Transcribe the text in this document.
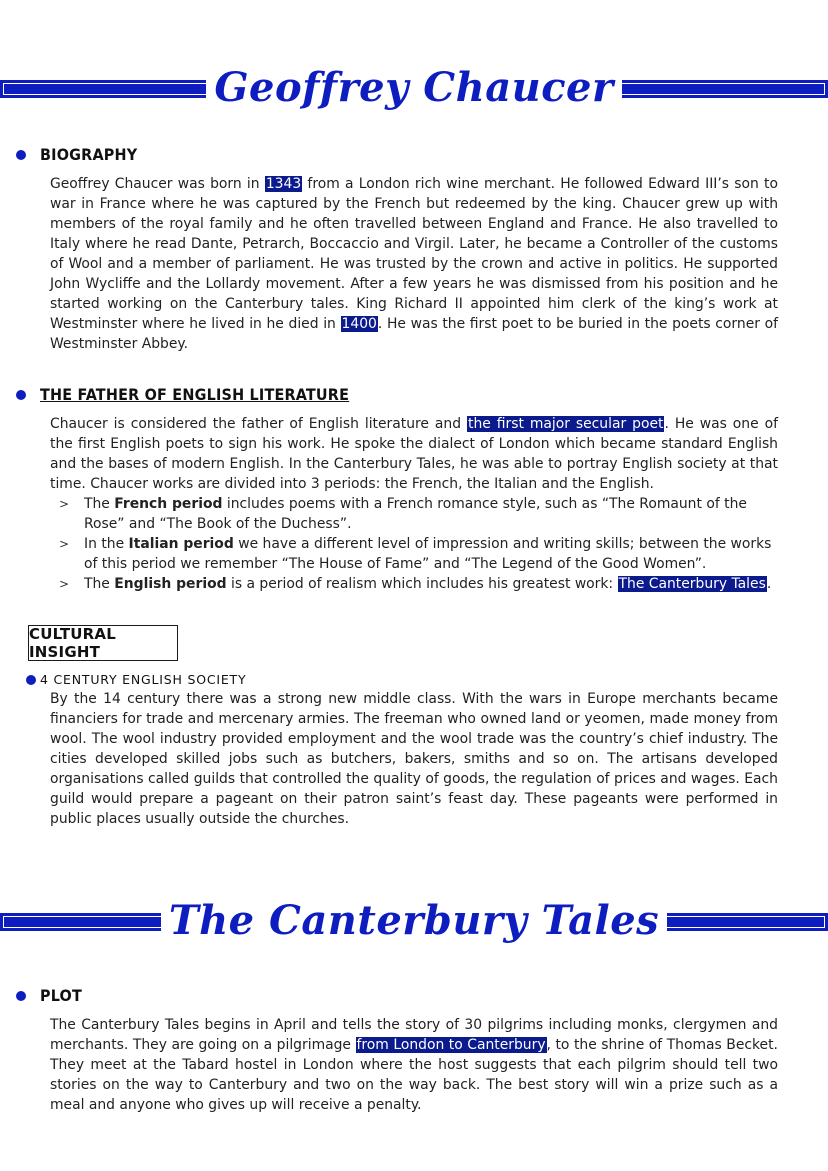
Geoffrey Chaucer
BIOGRAPHY
Geoffrey Chaucer was born in 1343 from a London rich wine merchant. He followed Edward III’s son to war in France where he was captured by the French but redeemed by the king. Chaucer grew up with members of the royal family and he often travelled between England and France. He also travelled to Italy where he read Dante, Petrarch, Boccaccio and Virgil. Later, he became a Controller of the customs of Wool and a member of parliament. He was trusted by the crown and active in politics. He supported John Wycliffe and the Lollardy movement. After a few years he was dismissed from his position and he started working on the Canterbury tales. King Richard II appointed him clerk of the king’s work at Westminster where he lived in he died in 1400. He was the first poet to be buried in the poets corner of Westminster Abbey.
THE FATHER OF ENGLISH LITERATURE
Chaucer is considered the father of English literature and the first major secular poet. He was one of the first English poets to sign his work. He spoke the dialect of London which became standard English and the bases of modern English. In the Canterbury Tales, he was able to portray English society at that time. Chaucer works are divided into 3 periods: the French, the Italian and the English.
> The French period includes poems with a French romance style, such as “The Romaunt of the Rose” and “The Book of the Duchess”.
> In the Italian period we have a different level of impression and writing skills; between the works of this period we remember “The House of Fame” and “The Legend of the Good Women”.
> The English period is a period of realism which includes his greatest work: The Canterbury Tales.
CULTURAL INSIGHT
4 CENTURY ENGLISH SOCIETY
By the 14 century there was a strong new middle class. With the wars in Europe merchants became financiers for trade and mercenary armies. The freeman who owned land or yeomen, made money from wool. The wool industry provided employment and the wool trade was the country’s chief industry. The cities developed skilled jobs such as butchers, bakers, smiths and so on. The artisans developed organisations called guilds that controlled the quality of goods, the regulation of prices and wages. Each guild would prepare a pageant on their patron saint’s feast day. These pageants were performed in public places usually outside the churches.
The Canterbury Tales
PLOT
The Canterbury Tales begins in April and tells the story of 30 pilgrims including monks, clergymen and merchants. They are going on a pilgrimage from London to Canterbury, to the shrine of Thomas Becket. They meet at the Tabard hostel in London where the host suggests that each pilgrim should tell two stories on the way to Canterbury and two on the way back. The best story will win a prize such as a meal and anyone who gives up will receive a penalty.
